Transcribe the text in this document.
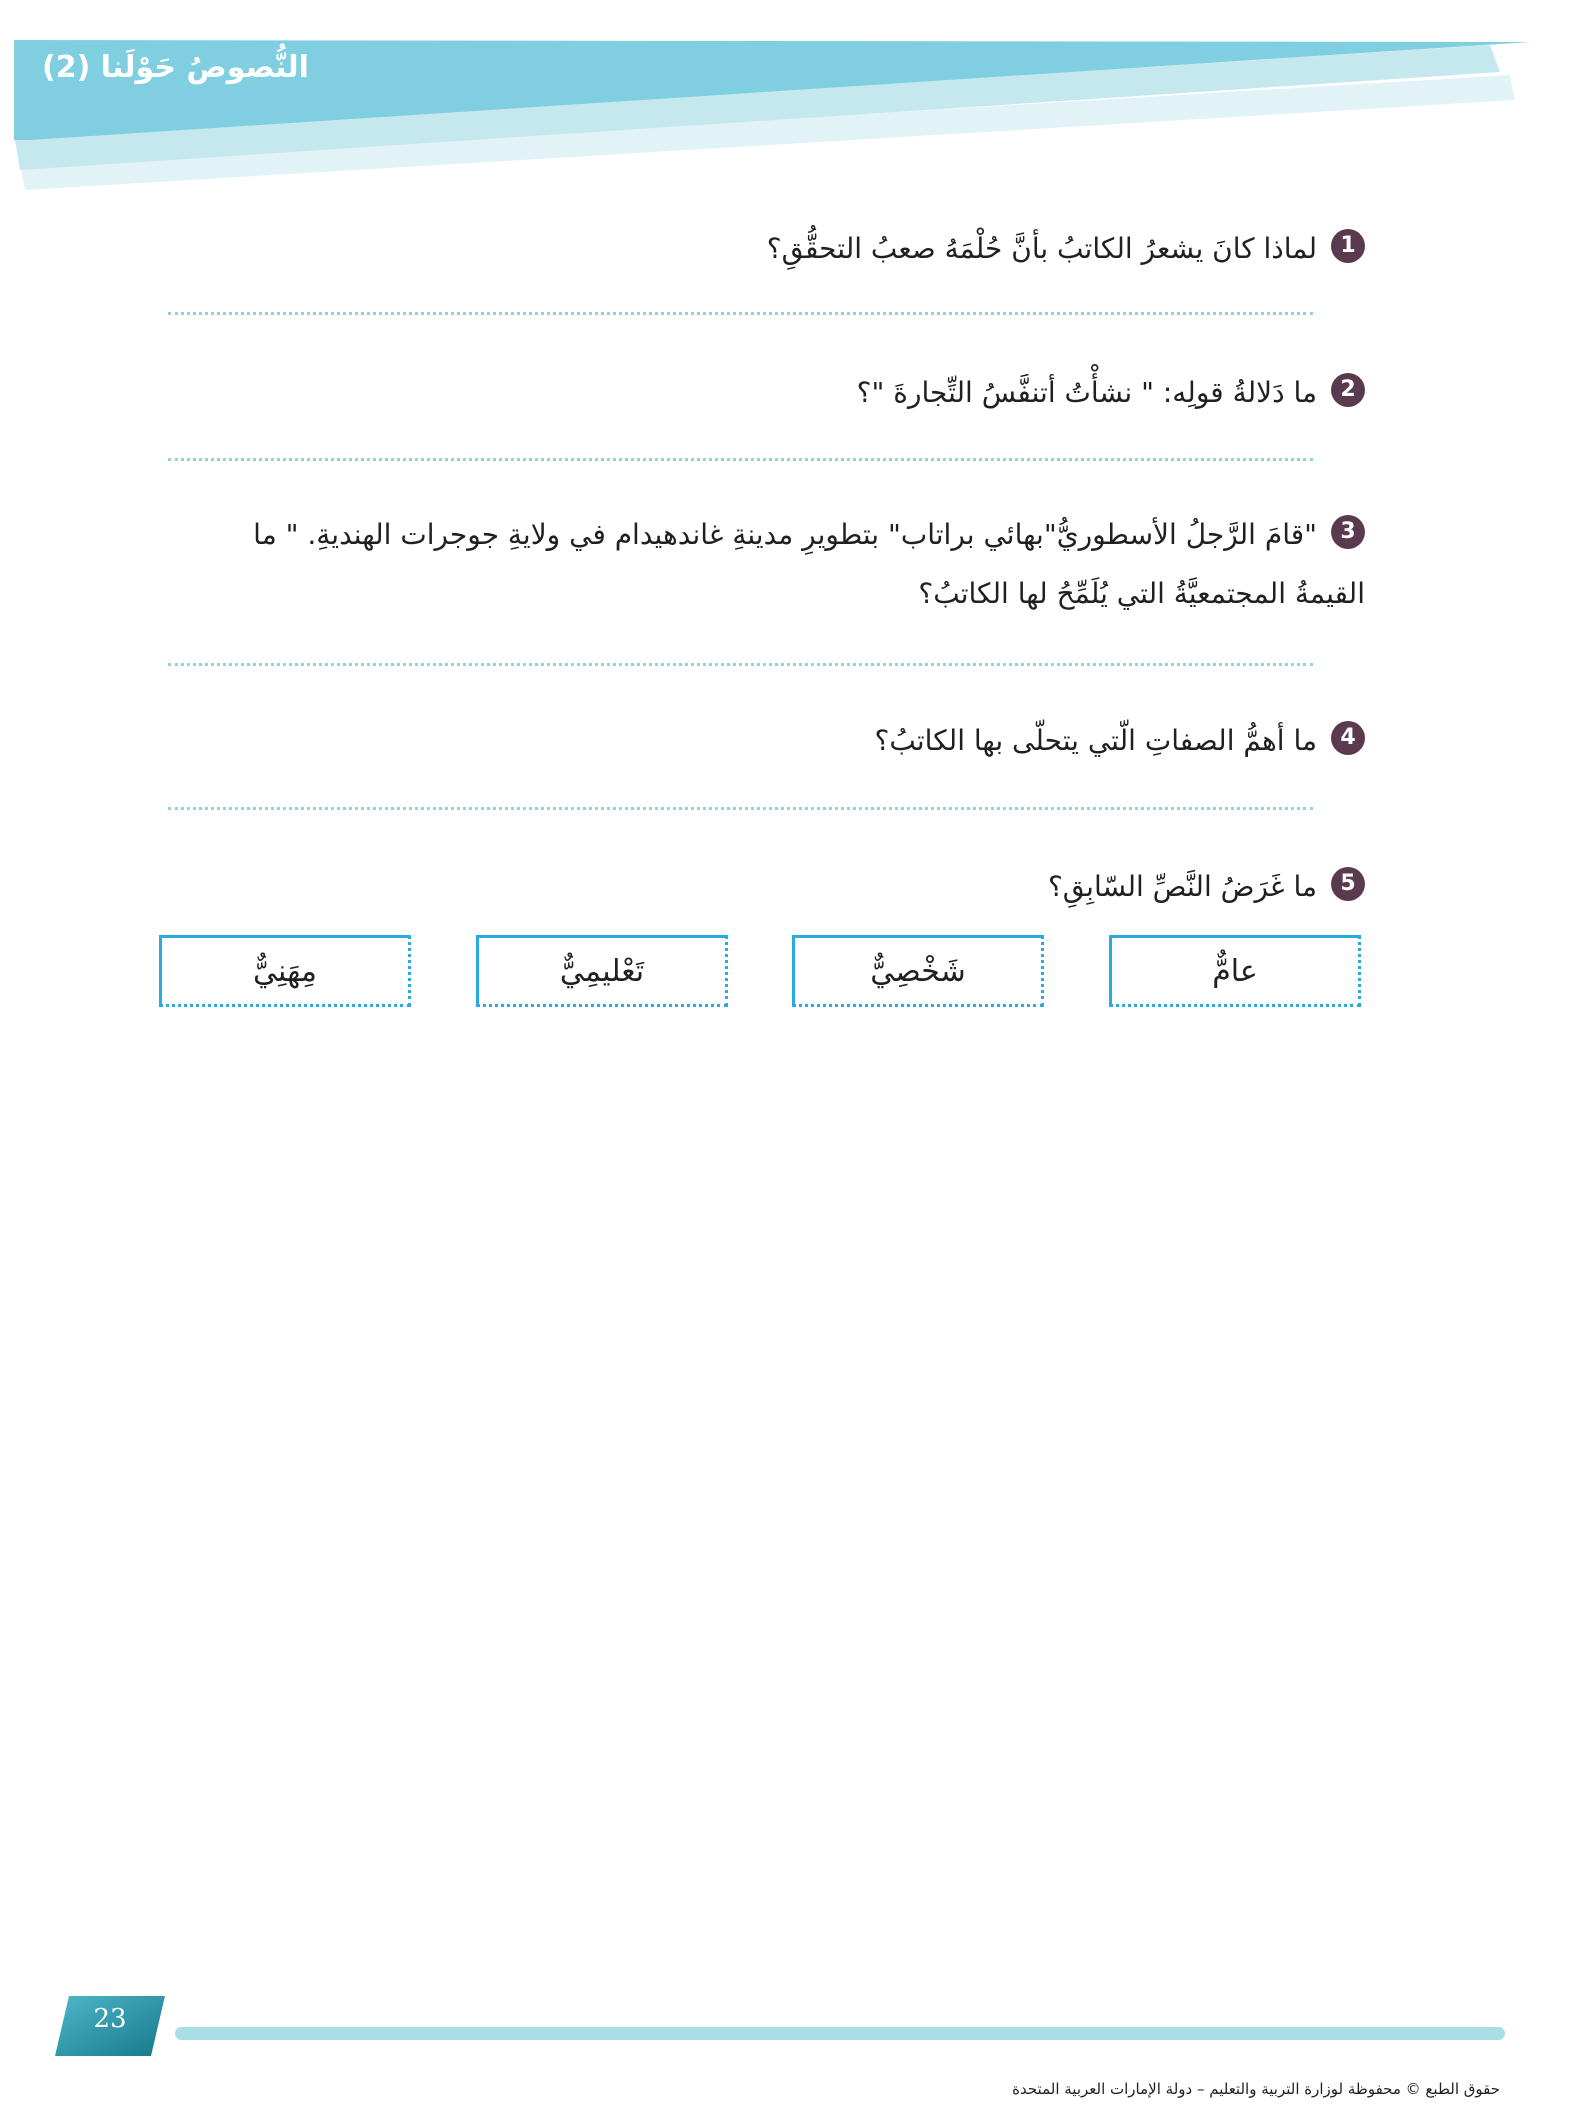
النُّصوصُ حَوْلَنا (2)
1لماذا كانَ يشعرُ الكاتبُ بأنَّ حُلْمَهُ صعبُ التحقُّقِ؟
2ما دَلالةُ قولِه: " نشأْتُ أتنفَّسُ التِّجارةَ "؟
3"قامَ الرَّجلُ الأسطوريُّ"بهائي براتاب" بتطويرِ مدينةِ غاندهيدام في ولايةِ جوجرات الهنديةِ. " ما القيمةُ المجتمعيَّةُ التي يُلَمِّحُ لها الكاتبُ؟
4ما أهمُّ الصفاتِ الّتي يتحلّى بها الكاتبُ؟
5ما غَرَضُ النَّصِّ السّابِقِ؟
عامٌّ
شَخْصِيٌّ
تَعْليمِيٌّ
مِهَنِيٌّ
23
حقوق الطبع © محفوظة لوزارة التربية والتعليم – دولة الإمارات العربية المتحدة
